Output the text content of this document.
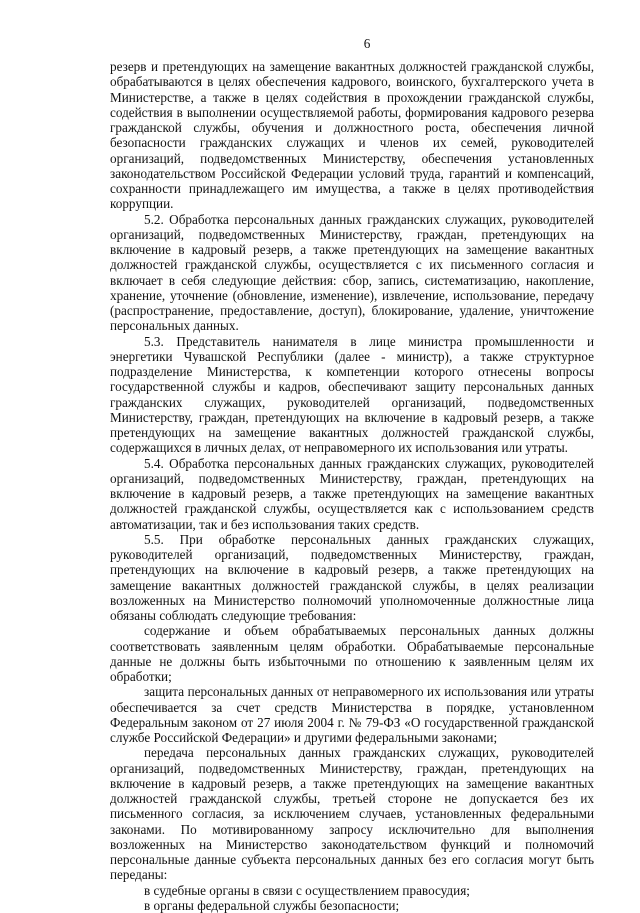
6

резерв и претендующих на замещение вакантных должностей гражданской службы, обрабатываются в целях обеспечения кадрового, воинского, бухгалтерского учета в Министерстве, а также в целях содействия в прохождении гражданской службы, содействия в выполнении осуществляемой работы, формирования кадрового резерва гражданской службы, обучения и должностного роста, обеспечения личной безопасности гражданских служащих и членов их семей, руководителей организаций, подведомственных Министерству, обеспечения установленных законодательством Российской Федерации условий труда, гарантий и компенсаций, сохранности принадлежащего им имущества, а также в целях противодействия коррупции.

5.2. Обработка персональных данных гражданских служащих, руководителей организаций, подведомственных Министерству, граждан, претендующих на включение в кадровый резерв, а также претендующих на замещение вакантных должностей гражданской службы, осуществляется с их письменного согласия и включает в себя следующие действия: сбор, запись, систематизацию, накопление, хранение, уточнение (обновление, изменение), извлечение, использование, передачу (распространение, предоставление, доступ), блокирование, удаление, уничтожение персональных данных.

5.3. Представитель нанимателя в лице министра промышленности и энергетики Чувашской Республики (далее - министр), а также структурное подразделение Министерства, к компетенции которого отнесены вопросы государственной службы и кадров, обеспечивают защиту персональных данных гражданских служащих, руководителей организаций, подведомственных Министерству, граждан, претендующих на включение в кадровый резерв, а также претендующих на замещение вакантных должностей гражданской службы, содержащихся в личных делах, от неправомерного их использования или утраты.

5.4. Обработка персональных данных гражданских служащих, руководителей организаций, подведомственных Министерству, граждан, претендующих на включение в кадровый резерв, а также претендующих на замещение вакантных должностей гражданской службы, осуществляется как с использованием средств автоматизации, так и без использования таких средств.

5.5. При обработке персональных данных гражданских служащих, руководителей организаций, подведомственных Министерству, граждан, претендующих на включение в кадровый резерв, а также претендующих на замещение вакантных должностей гражданской службы, в целях реализации возложенных на Министерство полномочий уполномоченные должностные лица обязаны соблюдать следующие требования:

содержание и объем обрабатываемых персональных данных должны соответствовать заявленным целям обработки. Обрабатываемые персональные данные не должны быть избыточными по отношению к заявленным целям их обработки;

защита персональных данных от неправомерного их использования или утраты обеспечивается за счет средств Министерства в порядке, установленном Федеральным законом от 27 июля 2004 г. № 79-ФЗ «О государственной гражданской службе Российской Федерации» и другими федеральными законами;

передача персональных данных гражданских служащих, руководителей организаций, подведомственных Министерству, граждан, претендующих на включение в кадровый резерв, а также претендующих на замещение вакантных должностей гражданской службы, третьей стороне не допускается без их письменного согласия, за исключением случаев, установленных федеральными законами. По мотивированному запросу исключительно для выполнения возложенных на Министерство законодательством функций и полномочий персональные данные субъекта персональных данных без его согласия могут быть переданы:

в судебные органы в связи с осуществлением правосудия;

в органы федеральной службы безопасности;
